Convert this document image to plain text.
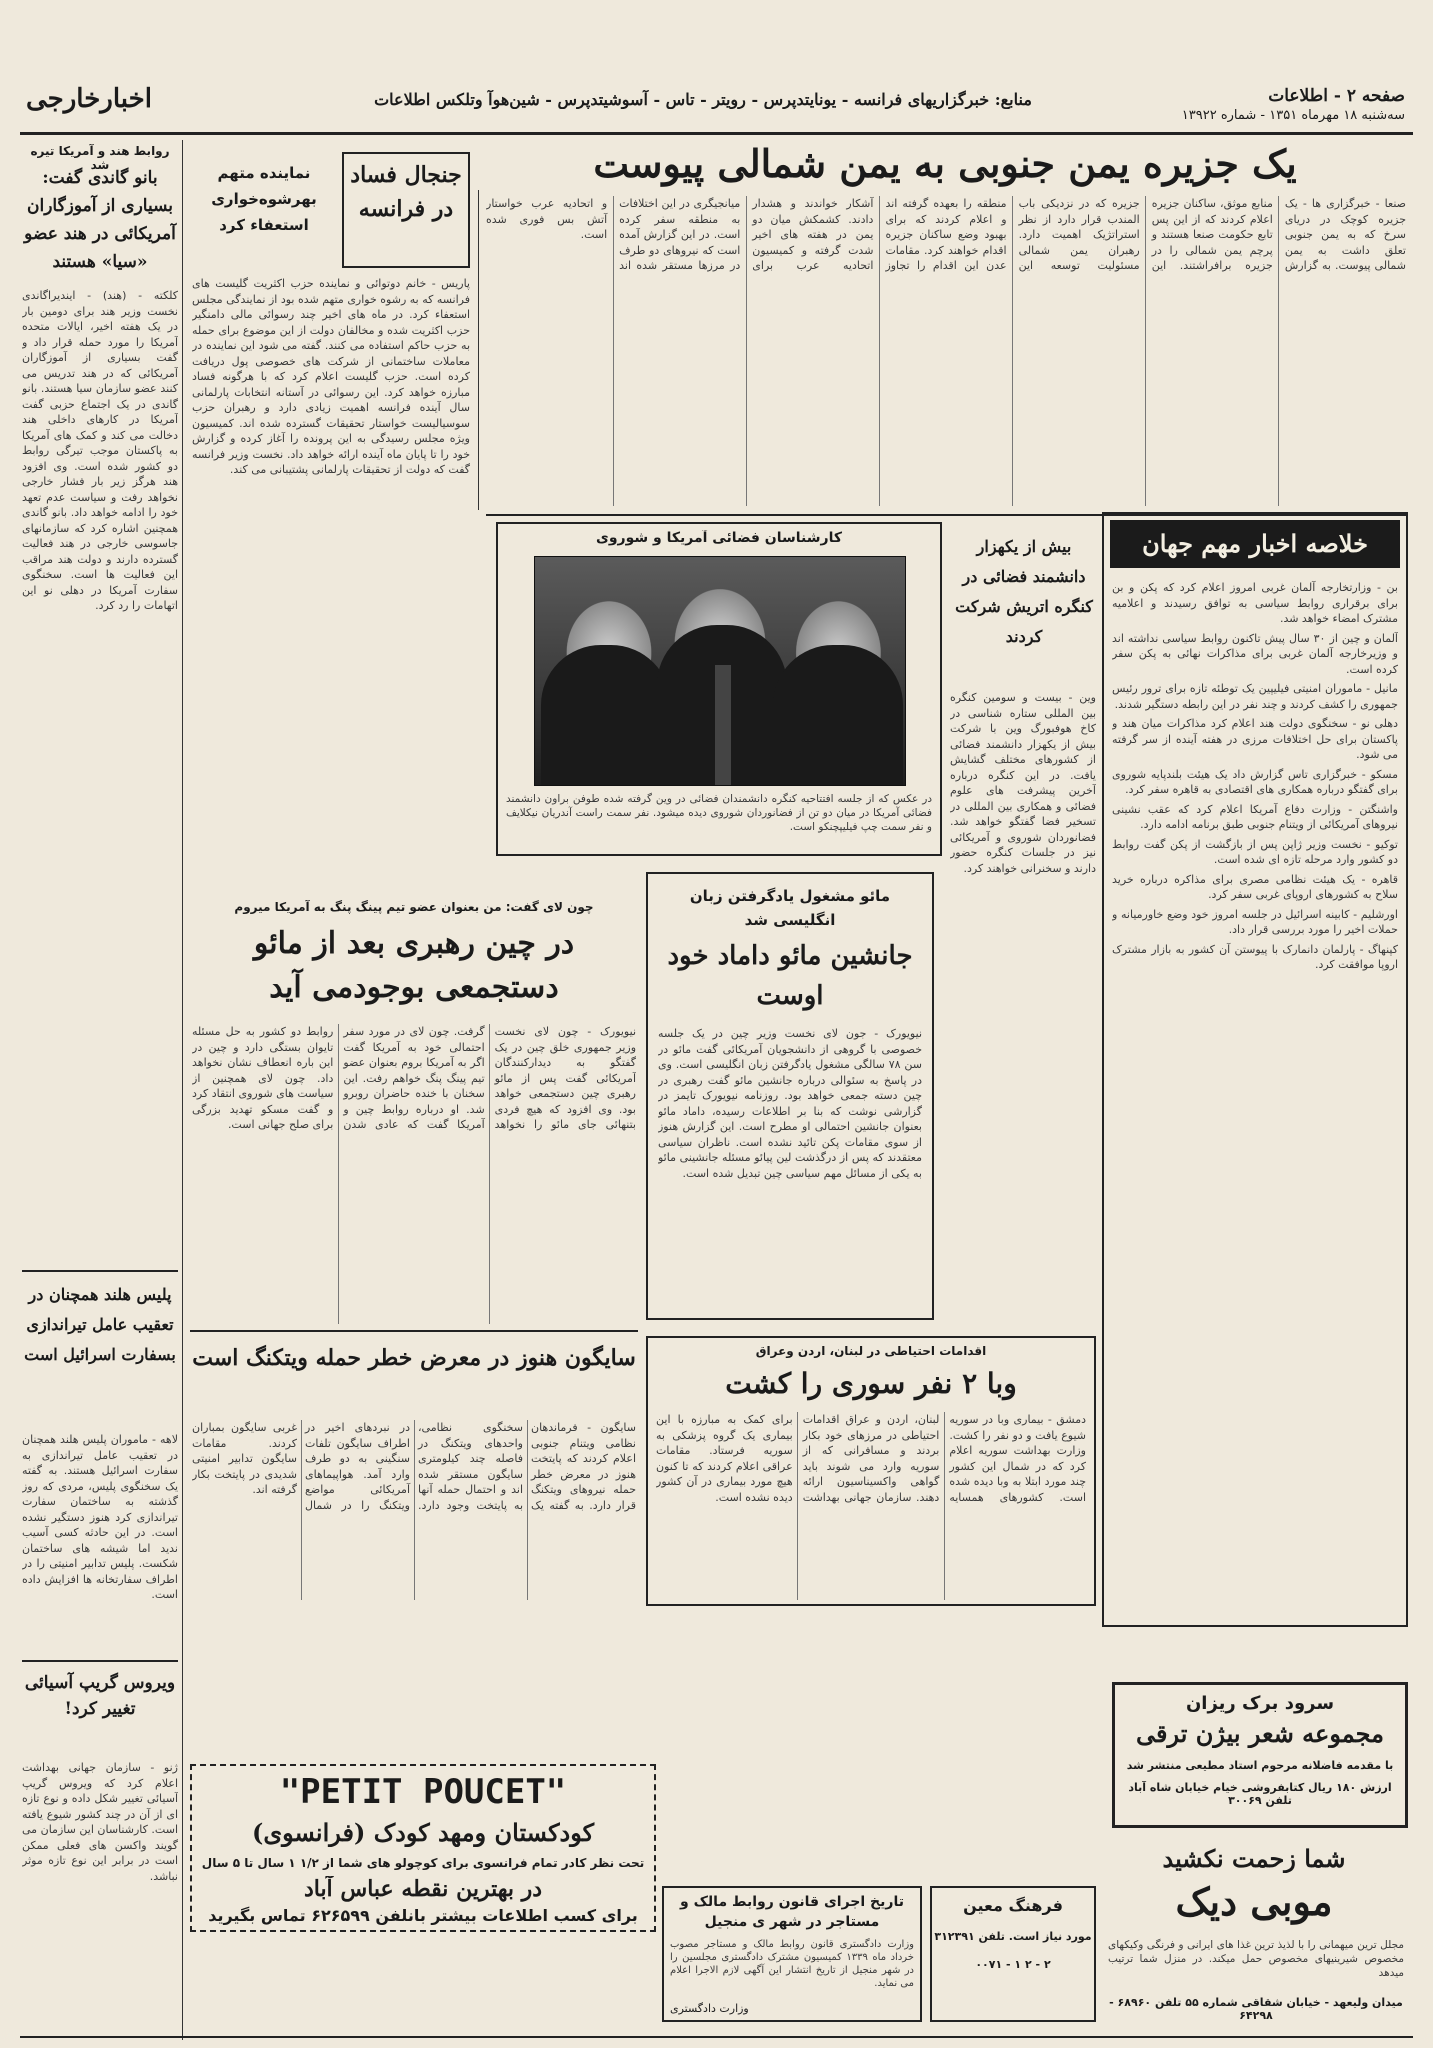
صفحه ۲ - اطلاعات
سه‌شنبه ۱۸ مهرماه ۱۳۵۱ - شماره ۱۳۹۲۲
منابع: خبرگزاریهای فرانسه - یونایتدپرس - رویتر - تاس - آسوشیتدپرس - شین‌هوآ وتلکس اطلاعات
اخبارخارجی
روابط هند و آمریکا تیره شد
بانو گاندی گفت: بسیاری از آموزگاران آمریکائی در هند عضو «سیا» هستند
کلکته - (هند) - ایندیراگاندی نخست وزیر هند برای دومین بار در یک هفته اخیر، ایالات متحده آمریکا را مورد حمله قرار داد و گفت بسیاری از آموزگاران آمریکائی که در هند تدریس می کنند عضو سازمان سیا هستند. بانو گاندی در یک اجتماع حزبی گفت آمریکا در کارهای داخلی هند دخالت می کند و کمک های آمریکا به پاکستان موجب تیرگی روابط دو کشور شده است. وی افزود هند هرگز زیر بار فشار خارجی نخواهد رفت و سیاست عدم تعهد خود را ادامه خواهد داد. بانو گاندی همچنین اشاره کرد که سازمانهای جاسوسی خارجی در هند فعالیت گسترده دارند و دولت هند مراقب این فعالیت ها است. سخنگوی سفارت آمریکا در دهلی نو این اتهامات را رد کرد.
پلیس هلند همچنان در تعقیب عامل تیراندازی بسفارت اسرائیل است
لاهه - ماموران پلیس هلند همچنان در تعقیب عامل تیراندازی به سفارت اسرائیل هستند. به گفته یک سخنگوی پلیس، مردی که روز گذشته به ساختمان سفارت تیراندازی کرد هنوز دستگیر نشده است. در این حادثه کسی آسیب ندید اما شیشه های ساختمان شکست. پلیس تدابیر امنیتی را در اطراف سفارتخانه ها افزایش داده است.
ویروس گریپ آسیائی تغییر کرد!
ژنو - سازمان جهانی بهداشت اعلام کرد که ویروس گریپ آسیائی تغییر شکل داده و نوع تازه ای از آن در چند کشور شیوع یافته است. کارشناسان این سازمان می گویند واکسن های فعلی ممکن است در برابر این نوع تازه موثر نباشد.
یک جزیره یمن جنوبی به یمن شمالی پیوست
جنجال فساد در فرانسه
نماینده متهم بهرشوه‌خواری استعفاء کرد
پاریس - خانم دوتوائی و نماینده حزب اکثریت گلیست های فرانسه که به رشوه خواری متهم شده بود از نمایندگی مجلس استعفاء کرد. در ماه های اخیر چند رسوائی مالی دامنگیر حزب اکثریت شده و مخالفان دولت از این موضوع برای حمله به حزب حاکم استفاده می کنند. گفته می شود این نماینده در معاملات ساختمانی از شرکت های خصوصی پول دریافت کرده است. حزب گلیست اعلام کرد که با هرگونه فساد مبارزه خواهد کرد. این رسوائی در آستانه انتخابات پارلمانی سال آینده فرانسه اهمیت زیادی دارد و رهبران حزب سوسیالیست خواستار تحقیقات گسترده شده اند. کمیسیون ویژه مجلس رسیدگی به این پرونده را آغاز کرده و گزارش خود را تا پایان ماه آینده ارائه خواهد داد. نخست وزیر فرانسه گفت که دولت از تحقیقات پارلمانی پشتیبانی می کند.
صنعا - خبرگزاری ها - یک جزیره کوچک در دریای سرخ که به یمن جنوبی تعلق داشت به یمن شمالی پیوست. به گزارش منابع موثق، ساکنان جزیره اعلام کردند که از این پس تابع حکومت صنعا هستند و پرچم یمن شمالی را در جزیره برافراشتند. این جزیره که در نزدیکی باب المندب قرار دارد از نظر استراتژیک اهمیت دارد. رهبران یمن شمالی مسئولیت توسعه این منطقه را بعهده گرفته اند و اعلام کردند که برای بهبود وضع ساکنان جزیره اقدام خواهند کرد. مقامات عدن این اقدام را تجاوز آشکار خواندند و هشدار دادند. کشمکش میان دو یمن در هفته های اخیر شدت گرفته و کمیسیون اتحادیه عرب برای میانجیگری در این اختلافات به منطقه سفر کرده است. در این گزارش آمده است که نیروهای دو طرف در مرزها مستقر شده اند و اتحادیه عرب خواستار آتش بس فوری شده است.
خلاصه اخبار مهم جهان

بن - وزارتخارجه آلمان غربی امروز اعلام کرد که پکن و بن برای برقراری روابط سیاسی به توافق رسیدند و اعلامیه مشترک امضاء خواهد شد.

آلمان و چین از ۳۰ سال پیش تاکنون روابط سیاسی نداشته اند و وزیرخارجه آلمان غربی برای مذاکرات نهائی به پکن سفر کرده است.

مانیل - ماموران امنیتی فیلیپین یک توطئه تازه برای ترور رئیس جمهوری را کشف کردند و چند نفر در این رابطه دستگیر شدند.

دهلی نو - سخنگوی دولت هند اعلام کرد مذاکرات میان هند و پاکستان برای حل اختلافات مرزی در هفته آینده از سر گرفته می شود.

مسکو - خبرگزاری تاس گزارش داد یک هیئت بلندپایه شوروی برای گفتگو درباره همکاری های اقتصادی به قاهره سفر کرد.

واشنگتن - وزارت دفاع آمریکا اعلام کرد که عقب نشینی نیروهای آمریکائی از ویتنام جنوبی طبق برنامه ادامه دارد.

توکیو - نخست وزیر ژاپن پس از بازگشت از پکن گفت روابط دو کشور وارد مرحله تازه ای شده است.

قاهره - یک هیئت نظامی مصری برای مذاکره درباره خرید سلاح به کشورهای اروپای غربی سفر کرد.

اورشلیم - کابینه اسرائیل در جلسه امروز خود وضع خاورمیانه و حملات اخیر را مورد بررسی قرار داد.

کپنهاگ - پارلمان دانمارک با پیوستن آن کشور به بازار مشترک اروپا موافقت کرد.

کارشناسان فضائی آمریکا و شوروی
در عکس که از جلسه افتتاحیه کنگره دانشمندان فضائی در وین گرفته شده طوفن براون دانشمند فضائی آمریکا در میان دو تن از فضانوردان شوروی دیده میشود. نفر سمت راست آندریان نیکلایف و نفر سمت چپ فیلیپچنکو است.
بیش از یکهزار دانشمند فضائی در کنگره اتریش شرکت کردند
وین - بیست و سومین کنگره بین المللی ستاره شناسی در کاخ هوفبورگ وین با شرکت بیش از یکهزار دانشمند فضائی از کشورهای مختلف گشایش یافت. در این کنگره درباره آخرین پیشرفت های علوم فضائی و همکاری بین المللی در تسخیر فضا گفتگو خواهد شد. فضانوردان شوروی و آمریکائی نیز در جلسات کنگره حضور دارند و سخنرانی خواهند کرد.
مائو مشغول یادگرفتن زبان انگلیسی شد
جانشین مائو داماد خود اوست
نیویورک - جون لای نخست وزیر چین در یک جلسه خصوصی با گروهی از دانشجویان آمریکائی گفت مائو در سن ۷۸ سالگی مشغول یادگرفتن زبان انگلیسی است. وی در پاسخ به سئوالی درباره جانشین مائو گفت رهبری در چین دسته جمعی خواهد بود. روزنامه نیویورک تایمز در گزارشی نوشت که بنا بر اطلاعات رسیده، داماد مائو بعنوان جانشین احتمالی او مطرح است. این گزارش هنوز از سوی مقامات پکن تائید نشده است. ناظران سیاسی معتقدند که پس از درگذشت لین پیائو مسئله جانشینی مائو به یکی از مسائل مهم سیاسی چین تبدیل شده است.
چون لای گفت: من بعنوان عضو تیم پینگ پنگ به آمریکا میروم
در چین رهبری بعد از مائو دستجمعی بوجودمی آید
نیویورک - چون لای نخست وزیر جمهوری خلق چین در یک گفتگو به دیدارکنندگان آمریکائی گفت پس از مائو رهبری چین دستجمعی خواهد بود. وی افزود که هیچ فردی بتنهائی جای مائو را نخواهد گرفت. چون لای در مورد سفر احتمالی خود به آمریکا گفت اگر به آمریکا بروم بعنوان عضو تیم پینگ پنگ خواهم رفت. این سخنان با خنده حاضران روبرو شد. او درباره روابط چین و آمریکا گفت که عادی شدن روابط دو کشور به حل مسئله تایوان بستگی دارد و چین در این باره انعطاف نشان نخواهد داد. چون لای همچنین از سیاست های شوروی انتقاد کرد و گفت مسکو تهدید بزرگی برای صلح جهانی است.
سایگون هنوز در معرض خطر حمله ویتکنگ است
سایگون - فرماندهان نظامی ویتنام جنوبی اعلام کردند که پایتخت هنوز در معرض خطر حمله نیروهای ویتکنگ قرار دارد. به گفته یک سخنگوی نظامی، واحدهای ویتکنگ در فاصله چند کیلومتری سایگون مستقر شده اند و احتمال حمله آنها به پایتخت وجود دارد. در نبردهای اخیر در اطراف سایگون تلفات سنگینی به دو طرف وارد آمد. هواپیماهای آمریکائی مواضع ویتکنگ را در شمال غربی سایگون بمباران کردند. مقامات سایگون تدابیر امنیتی شدیدی در پایتخت بکار گرفته اند.
اقدامات احتیاطی در لبنان، اردن وعراق
وبا ۲ نفر سوری را کشت
دمشق - بیماری وبا در سوریه شیوع یافت و دو نفر را کشت. وزارت بهداشت سوریه اعلام کرد که در شمال این کشور چند مورد ابتلا به وبا دیده شده است. کشورهای همسایه لبنان، اردن و عراق اقدامات احتیاطی در مرزهای خود بکار بردند و مسافرانی که از سوریه وارد می شوند باید گواهی واکسیناسیون ارائه دهند. سازمان جهانی بهداشت برای کمک به مبارزه با این بیماری یک گروه پزشکی به سوریه فرستاد. مقامات عراقی اعلام کردند که تا کنون هیچ مورد بیماری در آن کشور دیده نشده است.
"PETIT POUCET"
کودکستان ومهد کودک (فرانسوی)
تحت نظر کادر تمام فرانسوی برای کوچولو های شما از ۱/۲ ۱ سال تا ۵ سال
در بهترین نقطه عباس آباد
برای کسب اطلاعات بیشتر بانلفن ۶۲۶۵۹۹ تماس بگیرید
تاریخ اجرای قانون روابط مالک و مستاجر در شهر ی منجیل
وزارت دادگستری قانون روابط مالک و مستاجر مصوب خرداد ماه ۱۳۳۹ کمیسیون مشترک دادگستری مجلسین را در شهر منجیل از تاریخ انتشار این آگهی لازم الاجرا اعلام می نماید.
وزارت دادگستری
فرهنگ معین
مورد نیاز است. تلفن ۳۱۲۳۹۱
۲ - ۲ ۱ - ۰۰۷۱
سرود برک ریزان
مجموعه شعر بیژن ترقی
با مقدمه فاضلانه مرحوم استاد مطیعی منتشر شد
ارزش ۱۸۰ ریال کتابفروشی خیام خیابان شاه آباد تلفن ۳۰۰۶۹
شما زحمت نکشید
موبی دیک
مجلل ترین میهمانی را با لذیذ ترین غذا های ایرانی و فرنگی وکیکهای مخصوص شیرینیهای مخصوص حمل میکند. در منزل شما ترتیب میدهد
میدان ولیعهد - خیابان شقاقی شماره ۵۵ تلفن ۶۸۹۶۰ - ۶۴۲۹۸
